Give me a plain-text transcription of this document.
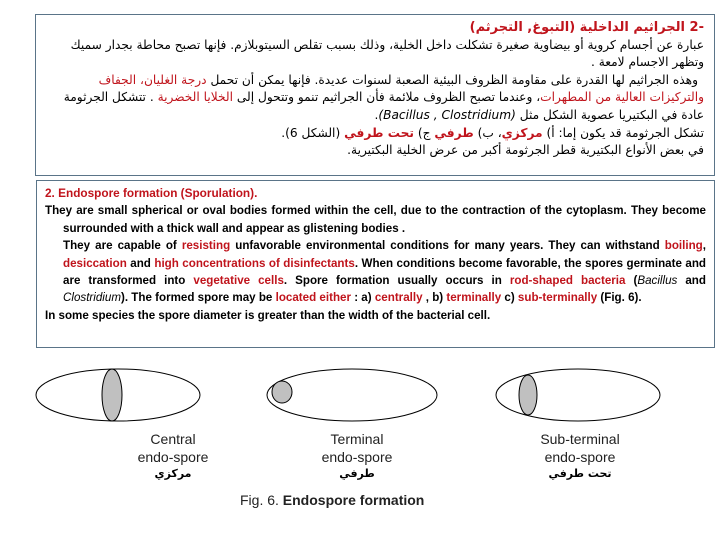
-2 الجراثيم الداخلية (التبوغ, التجرثم)
عبارة عن أجسام كروية أو بيضاوية صغيرة تشكلت داخل الخلية، وذلك بسبب تقلص السيتوبلازم. فإنها تصبح محاطة بجدار سميك
وتظهر الاجسام لامعة .
وهذه الجراثيم لها القدرة على مقاومة الظروف البيئية الصعبة لسنوات عديدة. فإنها يمكن أن تحمل درجة الغليان، الجفاف
والتركيزات العالية من المطهرات، وعندما تصبح الظروف ملائمة فأن الجراثيم تنمو وتتحول إلى الخلايا الخضرية . تتشكل الجرثومة
عادة في البكتيريا عصوية الشكل مثل (Bacillus , Clostridium).
تشكل الجرثومة قد يكون إما: أ) مركزي، ب) طرفي ج) تحت طرفي (الشكل 6).
في بعض الأنواع البكتيرية قطر الجرثومة أكبر من عرض الخلية البكتيرية.
2. Endospore formation (Sporulation).
They are small spherical or oval bodies formed within the cell, due to the contraction of the cytoplasm. They become surrounded with a thick wall and appear as glistening bodies .
They are capable of resisting unfavorable environmental conditions for many years. They can withstand boiling, desiccation and high concentrations of disinfectants. When conditions become favorable, the spores germinate and are transformed into vegetative cells. Spore formation usually occurs in rod-shaped bacteria (Bacillus and Clostridium). The formed spore may be located either : a) centrally , b) terminally c) sub-terminally (Fig. 6).
In some species the spore diameter is greater than the width of the bacterial cell.
Central
endo-spore
مركزي
Terminal
endo-spore
طرفي
Sub-terminal
endo-spore
تحت طرفي
Fig. 6. Endospore formation
